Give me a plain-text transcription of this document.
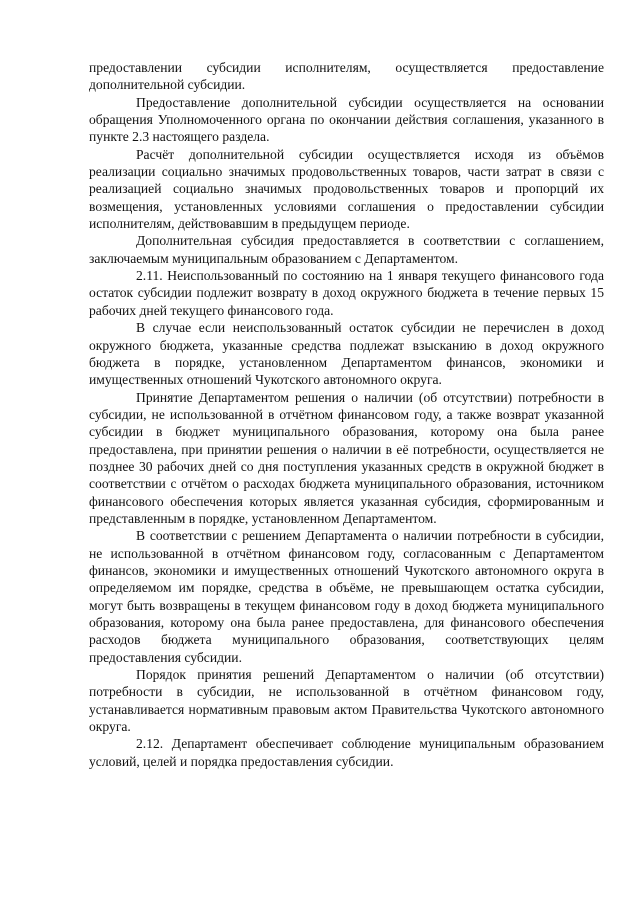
предоставлении субсидии исполнителям, осуществляется предоставление дополнительной субсидии.

Предоставление дополнительной субсидии осуществляется на основании обращения Уполномоченного органа по окончании действия соглашения, указанного в пункте 2.3 настоящего раздела.

Расчёт дополнительной субсидии осуществляется исходя из объёмов реализации социально значимых продовольственных товаров, части затрат в связи с реализацией социально значимых продовольственных товаров и пропорций их возмещения, установленных условиями соглашения о предоставлении субсидии исполнителям, действовавшим в предыдущем периоде.

Дополнительная субсидия предоставляется в соответствии с соглашением, заключаемым муниципальным образованием с Департаментом.

2.11. Неиспользованный по состоянию на 1 января текущего финансового года остаток субсидии подлежит возврату в доход окружного бюджета в течение первых 15 рабочих дней текущего финансового года.

В случае если неиспользованный остаток субсидии не перечислен в доход окружного бюджета, указанные средства подлежат взысканию в доход окружного бюджета в порядке, установленном Департаментом финансов, экономики и имущественных отношений Чукотского автономного округа.

Принятие Департаментом решения о наличии (об отсутствии) потребности в субсидии, не использованной в отчётном финансовом году, а также возврат указанной субсидии в бюджет муниципального образования, которому она была ранее предоставлена, при принятии решения о наличии в её потребности, осуществляется не позднее 30 рабочих дней со дня поступления указанных средств в окружной бюджет в соответствии с отчётом о расходах бюджета муниципального образования, источником финансового обеспечения которых является указанная субсидия, сформированным и представленным в порядке, установленном Департаментом.

В соответствии с решением Департамента о наличии потребности в субсидии, не использованной в отчётном финансовом году, согласованным с Департаментом финансов, экономики и имущественных отношений Чукотского автономного округа в определяемом им порядке, средства в объёме, не превышающем остатка субсидии, могут быть возвращены в текущем финансовом году в доход бюджета муниципального образования, которому она была ранее предоставлена, для финансового обеспечения расходов бюджета муниципального образования, соответствующих целям предоставления субсидии.

Порядок принятия решений Департаментом о наличии (об отсутствии) потребности в субсидии, не использованной в отчётном финансовом году, устанавливается нормативным правовым актом Правительства Чукотского автономного округа.

2.12. Департамент обеспечивает соблюдение муниципальным образованием условий, целей и порядка предоставления субсидии.
